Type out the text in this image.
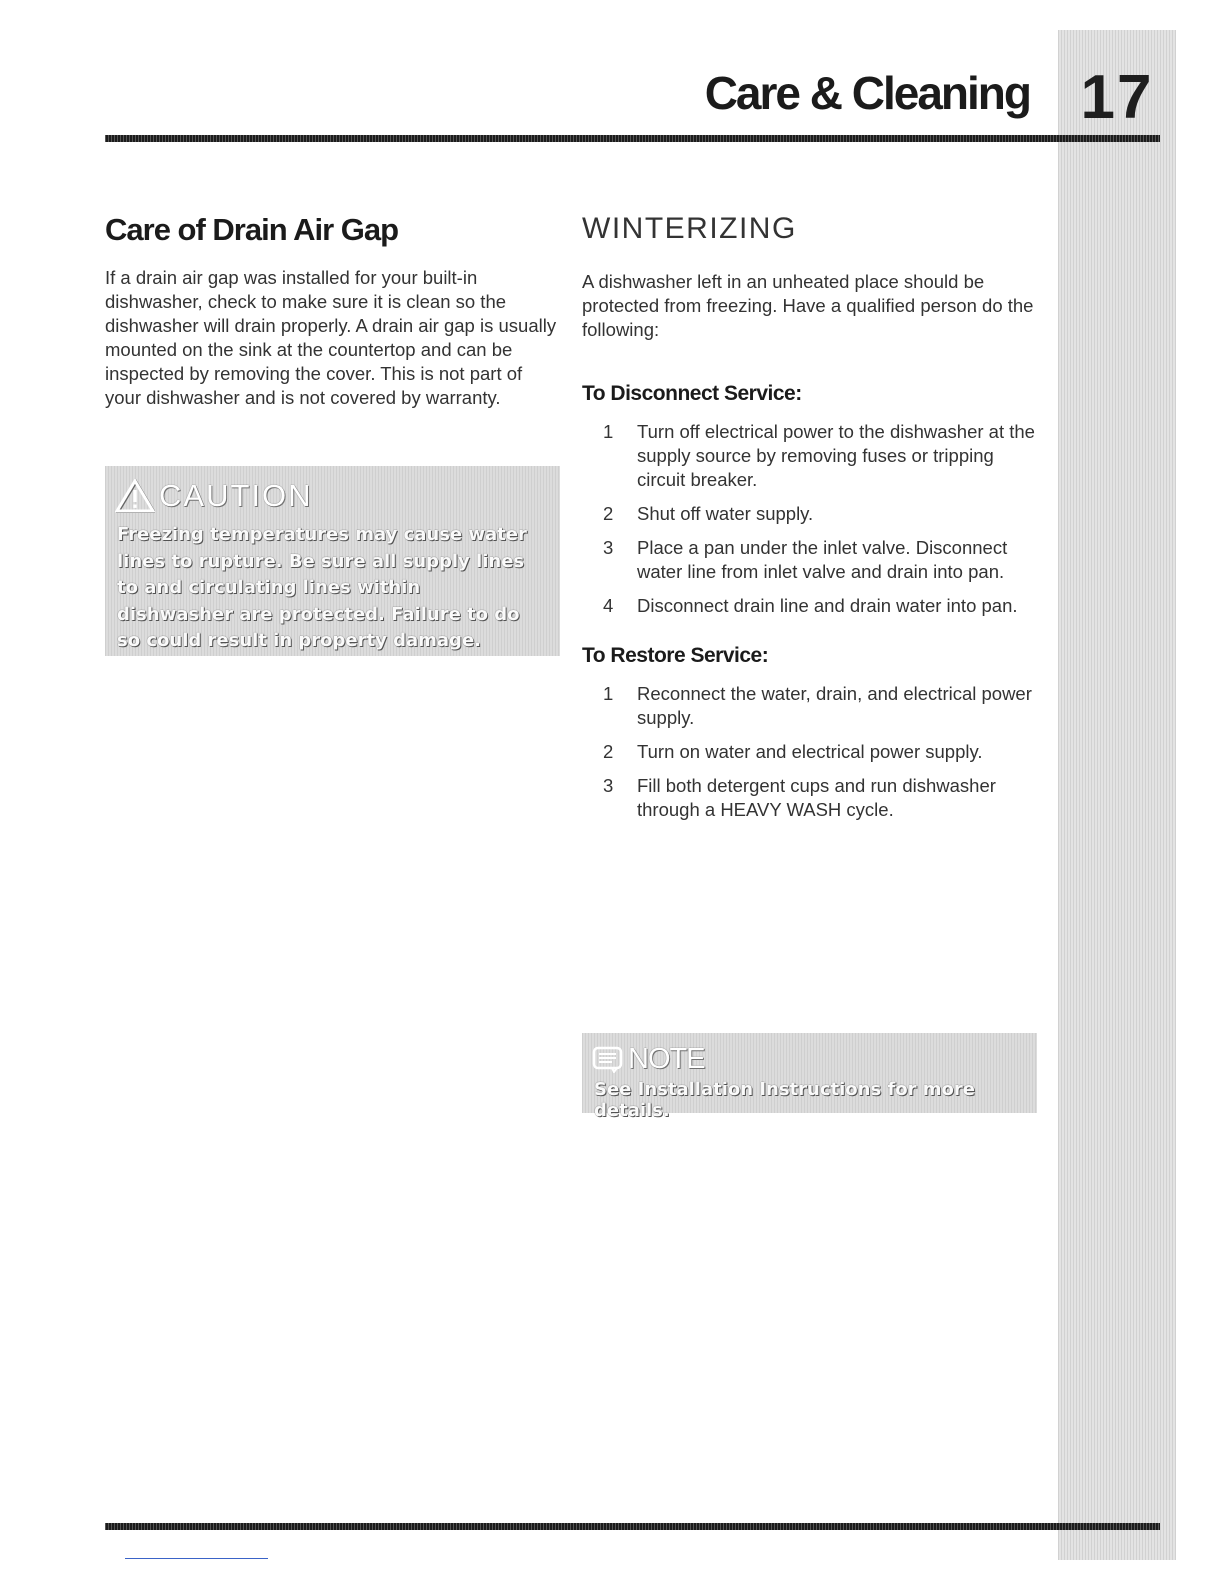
17
Care & Cleaning
Care of Drain Air Gap

If a drain air gap was installed for your built-in dishwasher, check to make sure it is clean so the dishwasher will drain properly. A drain air gap is usually mounted on the sink at the countertop and can be inspected by removing the cover. This is not part of your dishwasher and is not covered by warranty.

CAUTION
Freezing temperatures may cause water lines to rupture. Be sure all supply lines to and circulating lines within dishwasher are protected. Failure to do so could result in property damage.
WINTERIZING

A dishwasher left in an unheated place should be protected from freezing. Have a qualified person do the following:

To Disconnect Service:
1	Turn off electrical power to the dishwasher at the supply source by removing fuses or tripping circuit breaker.
2	Shut off water supply.
3	Place a pan under the inlet valve. Disconnect water line from inlet valve and drain into pan.
4	Disconnect drain line and drain water into pan.
To Restore Service:
1	Reconnect the water, drain, and electrical power supply.
2	Turn on water and electrical power supply.
3	Fill both detergent cups and run dishwasher through a HEAVY WASH cycle.
NOTE
See Installation Instructions for more details.
